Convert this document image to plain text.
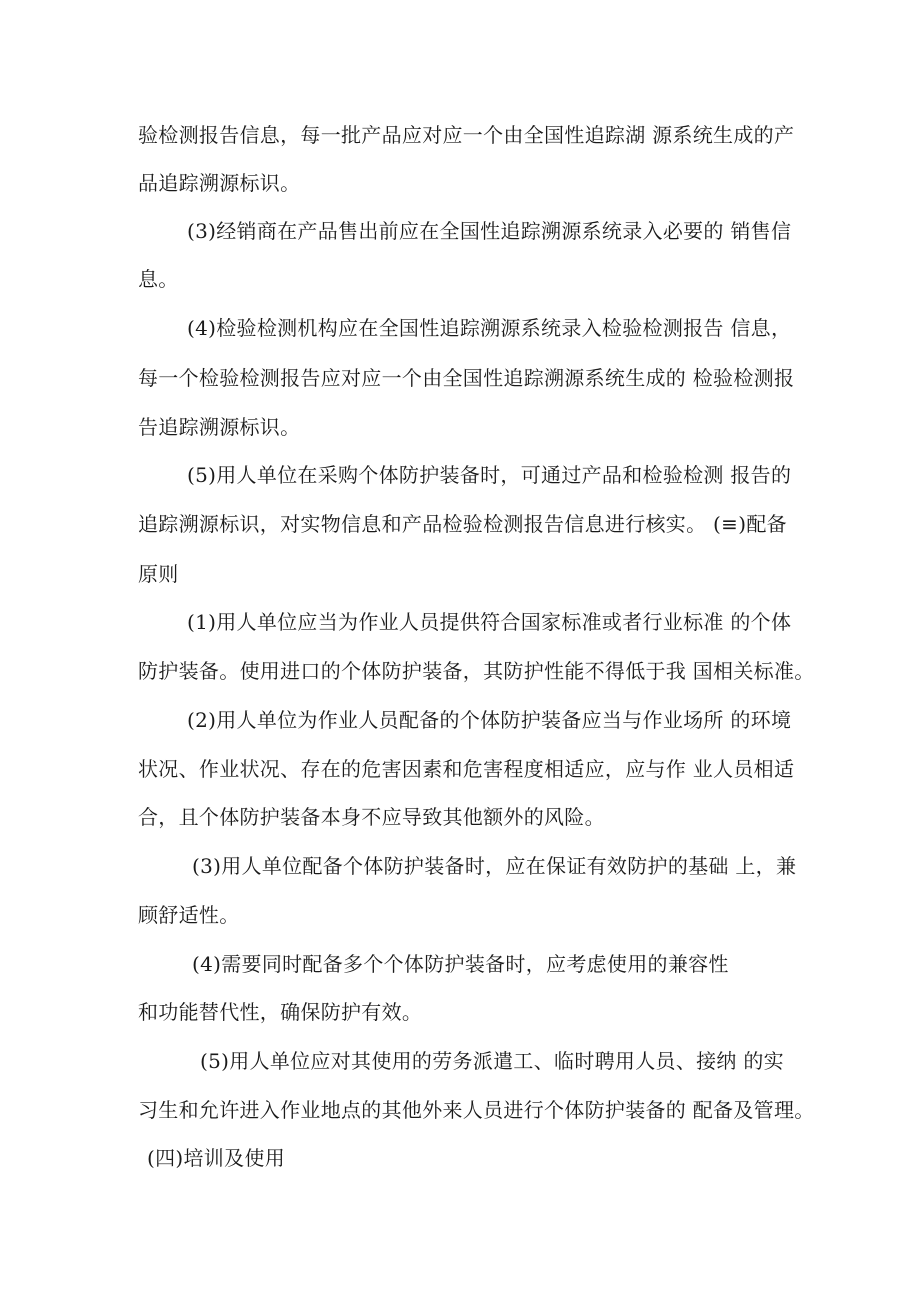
验检测报告信息，每一批产品应对应一个由全国性追踪湖 源系统生成的产
品追踪溯源标识。
(3)经销商在产品售出前应在全国性追踪溯源系统录入必要的 销售信
息。
(4)检验检测机构应在全国性追踪溯源系统录入检验检测报告 信息，
每一个检验检测报告应对应一个由全国性追踪溯源系统生成的 检验检测报
告追踪溯源标识。
(5)用人单位在采购个体防护装备时，可通过产品和检验检测 报告的
追踪溯源标识，对实物信息和产品检验检测报告信息进行核实。 (≡)配备
原则
(1)用人单位应当为作业人员提供符合国家标准或者行业标准 的个体
防护装备。使用进口的个体防护装备，其防护性能不得低于我 国相关标准。
(2)用人单位为作业人员配备的个体防护装备应当与作业场所 的环境
状况、作业状况、存在的危害因素和危害程度相适应，应与作 业人员相适
合，且个体防护装备本身不应导致其他额外的风险。
(3)用人单位配备个体防护装备时，应在保证有效防护的基础 上，兼
顾舒适性。
(4)需要同时配备多个个体防护装备时，应考虑使用的兼容性
和功能替代性，确保防护有效。
(5)用人单位应对其使用的劳务派遣工、临时聘用人员、接纳 的实
习生和允许进入作业地点的其他外来人员进行个体防护装备的 配备及管理。
(四)培训及使用
